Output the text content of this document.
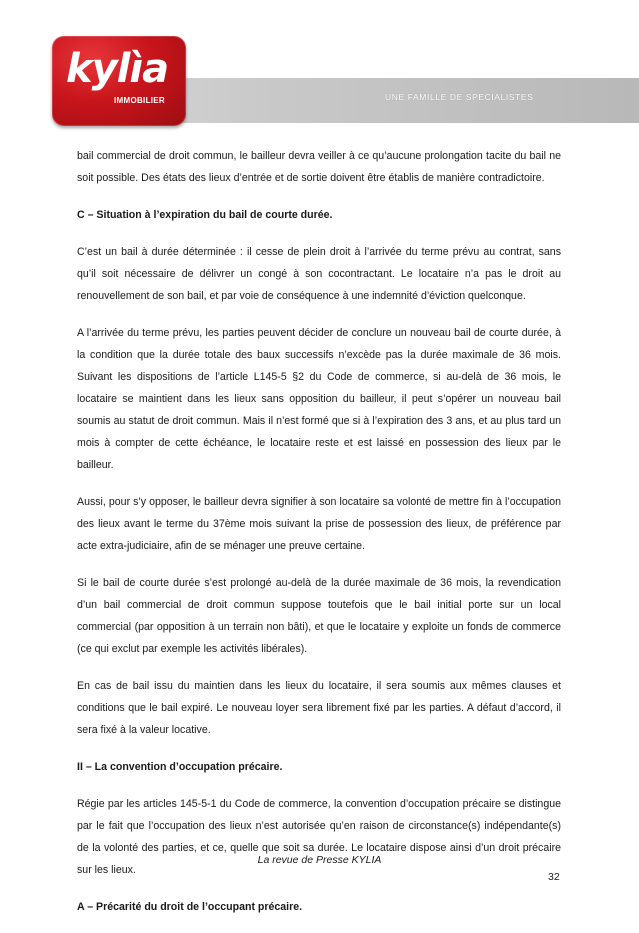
UNE FAMILLE DE SPECIALISTES
kylìa
IMMOBILIER

bail commercial de droit commun, le bailleur devra veiller à ce qu’aucune prolongation tacite du bail ne soit possible. Des états des lieux d’entrée et de sortie doivent être établis de manière contradictoire.

C – Situation à l’expiration du bail de courte durée.

C’est un bail à durée déterminée : il cesse de plein droit à l’arrivée du terme prévu au contrat, sans qu’il soit nécessaire de délivrer un congé à son cocontractant. Le locataire n’a pas le droit au renouvellement de son bail, et par voie de conséquence à une indemnité d’éviction quelconque.

A l’arrivée du terme prévu, les parties peuvent décider de conclure un nouveau bail de courte durée, à la condition que la durée totale des baux successifs n’excède pas la durée maximale de 36 mois. Suivant les dispositions de l’article L145-5 §2 du Code de commerce, si au-delà de 36 mois, le locataire se maintient dans les lieux sans opposition du bailleur, il peut s’opérer un nouveau bail soumis au statut de droit commun. Mais il n’est formé que si à l’expiration des 3 ans, et au plus tard un mois à compter de cette échéance, le locataire reste et est laissé en possession des lieux par le bailleur.

Aussi, pour s’y opposer, le bailleur devra signifier à son locataire sa volonté de mettre fin à l’occupation des lieux avant le terme du 37ème mois suivant la prise de possession des lieux, de préférence par acte extra-judiciaire, afin de se ménager une preuve certaine.

Si le bail de courte durée s’est prolongé au-delà de la durée maximale de 36 mois, la revendication d’un bail commercial de droit commun suppose toutefois que le bail initial porte sur un local commercial (par opposition à un terrain non bâti), et que le locataire y exploite un fonds de commerce (ce qui exclut par exemple les activités libérales).

En cas de bail issu du maintien dans les lieux du locataire, il sera soumis aux mêmes clauses et conditions que le bail expiré. Le nouveau loyer sera librement fixé par les parties. A défaut d’accord, il sera fixé à la valeur locative.

II – La convention d’occupation précaire.

Régie par les articles 145-5-1 du Code de commerce, la convention d’occupation précaire se distingue par le fait que l’occupation des lieux n’est autorisée qu’en raison de circonstance(s) indépendante(s) de la volonté des parties, et ce, quelle que soit sa durée. Le locataire dispose ainsi d’un droit précaire sur les lieux.

A – Précarité du droit de l’occupant précaire.

La revue de Presse KYLIA
32
